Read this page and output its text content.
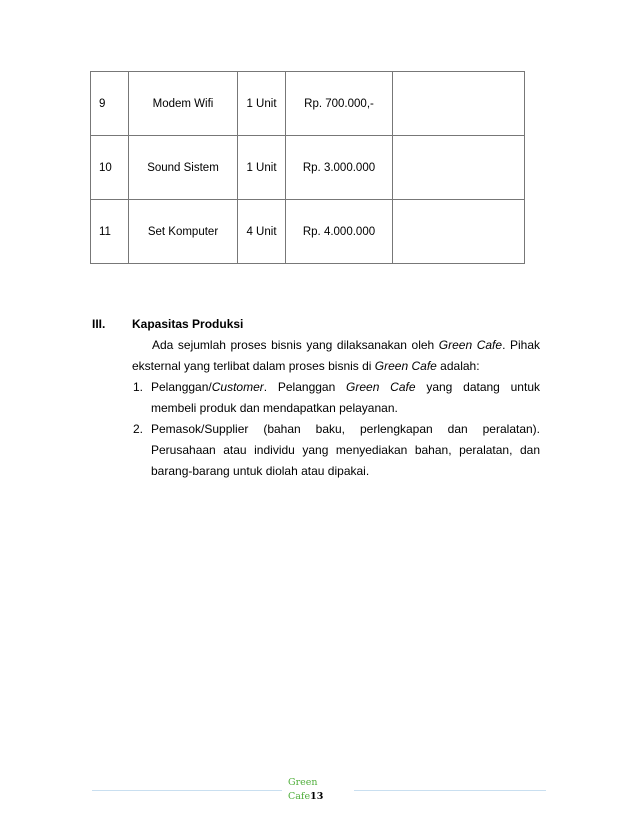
9	Modem Wifi	1 Unit	Rp. 700.000,-	
10	Sound Sistem	1 Unit	Rp. 3.000.000	
11	Set Komputer	4 Unit	Rp. 4.000.000	
III. Kapasitas Produksi
Ada sejumlah proses bisnis yang dilaksanakan oleh Green Cafe. Pihak eksternal yang terlibat dalam proses bisnis di Green Cafe adalah:
1. Pelanggan/Customer. Pelanggan Green Cafe yang datang untuk membeli produk dan mendapatkan pelayanan.

2. Pemasok/Supplier (bahan baku, perlengkapan dan peralatan).

Perusahaan atau individu yang menyediakan bahan, peralatan, dan barang-barang untuk diolah atau dipakai.

Green
Cafe13
